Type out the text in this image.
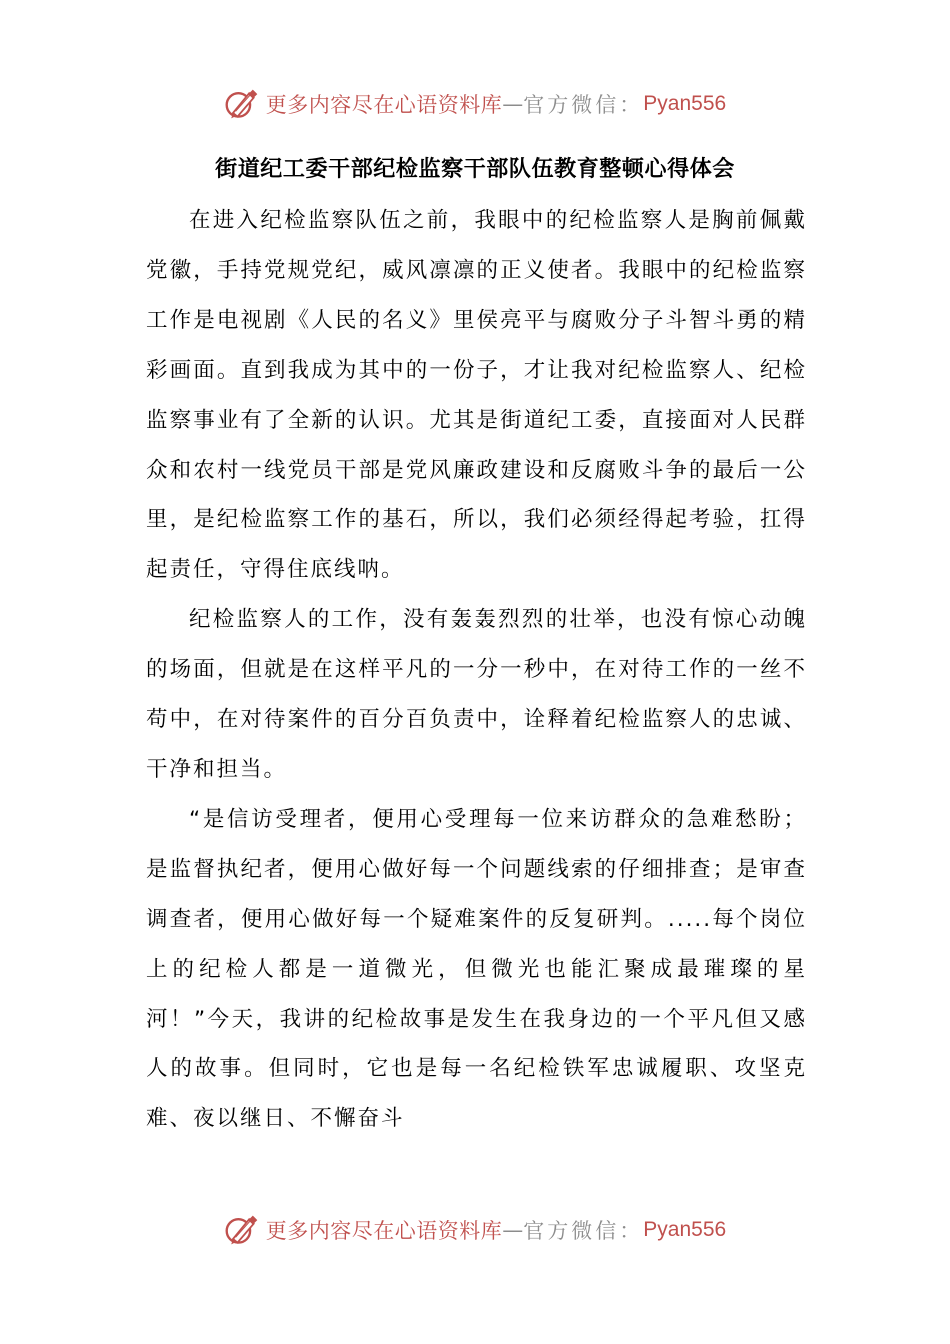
更多内容尽在心语资料库 — 官方微信： Pyan556
街道纪工委干部纪检监察干部队伍教育整顿心得体会

在进入纪检监察队伍之前，我眼中的纪检监察人是胸前佩戴党徽，手持党规党纪，威风凛凛的正义使者。我眼中的纪检监察工作是电视剧《人民的名义》里侯亮平与腐败分子斗智斗勇的精彩画面。直到我成为其中的一份子，才让我对纪检监察人、纪检监察事业有了全新的认识。尤其是街道纪工委，直接面对人民群众和农村一线党员干部是党风廉政建设和反腐败斗争的最后一公里，是纪检监察工作的基石，所以，我们必须经得起考验，扛得起责任，守得住底线呐。

纪检监察人的工作，没有轰轰烈烈的壮举，也没有惊心动魄的场面，但就是在这样平凡的一分一秒中，在对待工作的一丝不苟中，在对待案件的百分百负责中，诠释着纪检监察人的忠诚、干净和担当。

“是信访受理者，便用心受理每一位来访群众的急难愁盼；是监督执纪者，便用心做好每一个问题线索的仔细排查；是审查调查者，便用心做好每一个疑难案件的反复研判。.....每个岗位上的纪检人都是一道微光，但微光也能汇聚成最璀璨的星河！”今天，我讲的纪检故事是发生在我身边的一个平凡但又感人的故事。但同时，它也是每一名纪检铁军忠诚履职、攻坚克难、夜以继日、不懈奋斗

更多内容尽在心语资料库 — 官方微信： Pyan556
